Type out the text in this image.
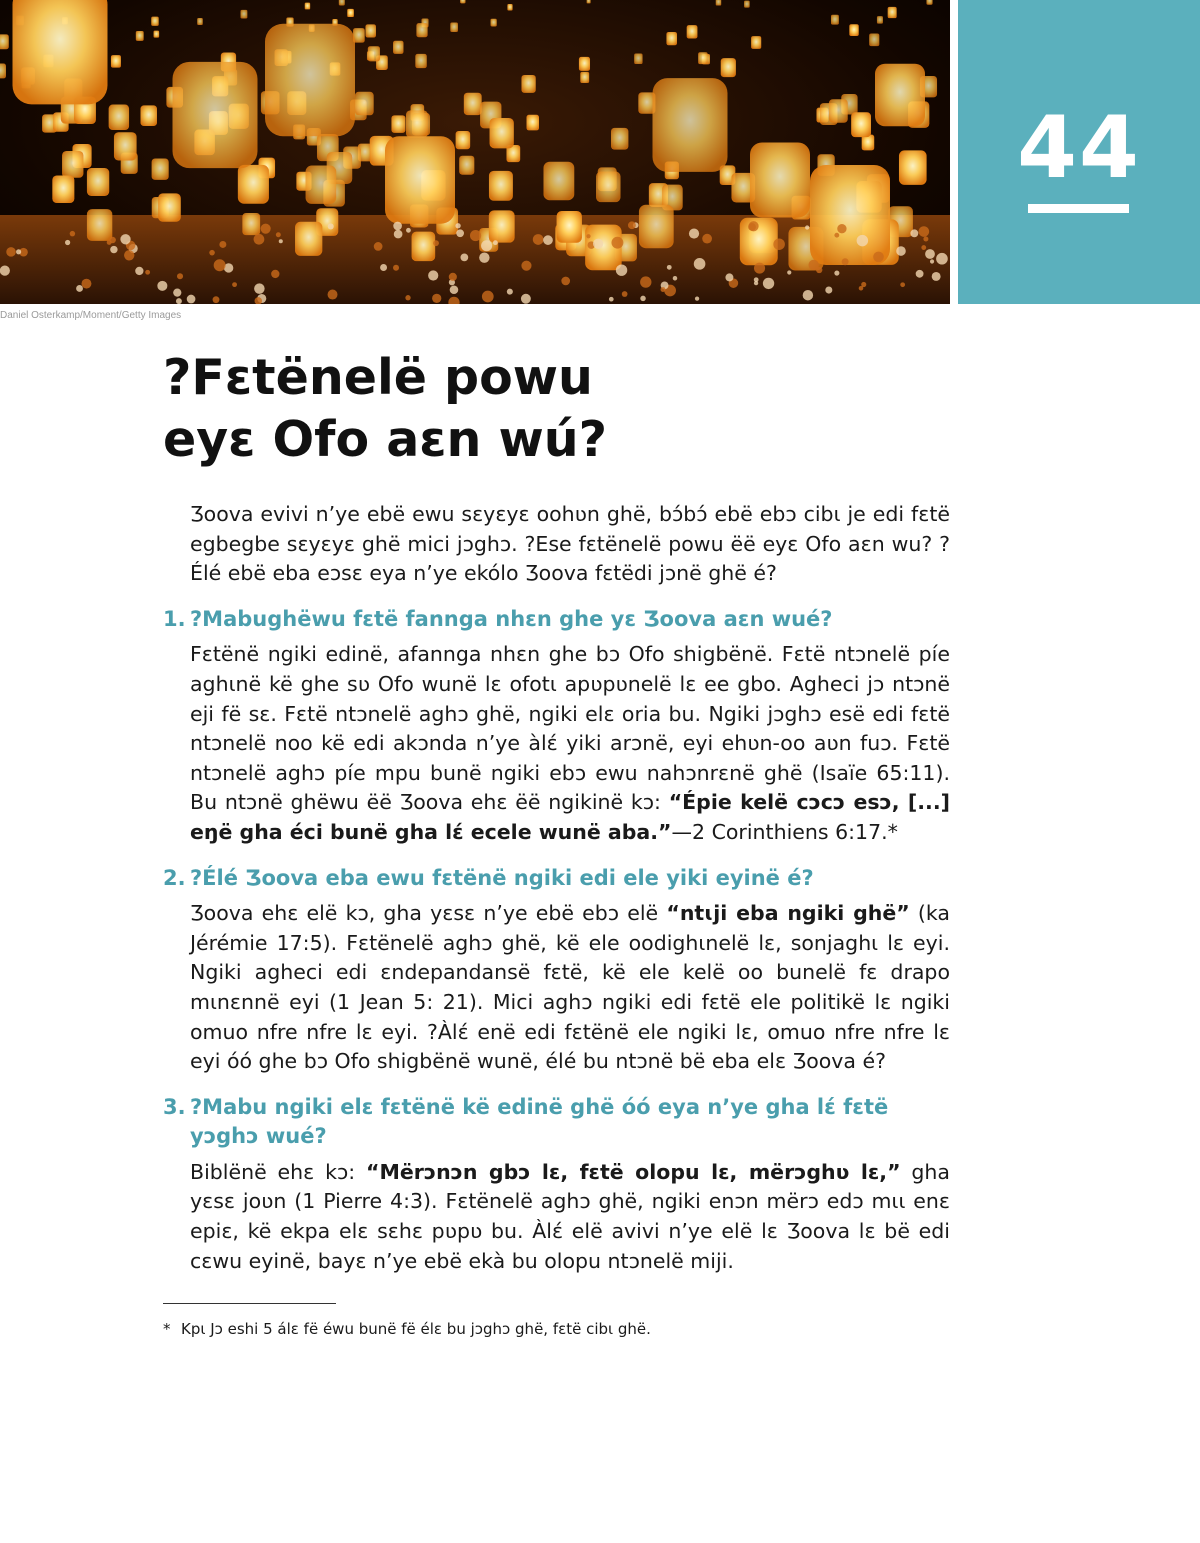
44
Daniel Osterkamp/Moment/Getty Images
?Fɛtënelë powu
eyɛ Ofo aɛn wú?

Ʒoova evivi n’ye ebë ewu sɛyɛyɛ oohʋn ghë, bɔ́bɔ́ ebë ebɔ cibɩ je edi fɛtë egbegbe sɛyɛyɛ ghë mici jɔghɔ. ?Ese fɛtënelë powu ëë eyɛ Ofo aɛn wu? ?Élé ebë eba eɔsɛ eya n’ye ekólo Ʒoova fɛtëdi jɔnë ghë é?

1. ?Mabughëwu fɛtë fannga nhɛn ghe yɛ Ʒoova aɛn wué?

Fɛtënë ngiki edinë, afannga nhɛn ghe bɔ Ofo shigbënë. Fɛtë ntɔnelë píe aghɩnë kë ghe sʋ Ofo wunë lɛ ofotɩ apʋpʋnelë lɛ ee gbo. Agheci jɔ ntɔnë eji fë sɛ. Fɛtë ntɔnelë aghɔ ghë, ngiki elɛ oria bu. Ngiki jɔghɔ esë edi fɛtë ntɔnelë noo kë edi akɔnda n’ye àlɛ́ yiki arɔnë, eyi ehʋn-oo aʋn fuɔ. Fɛtë ntɔnelë aghɔ píe mpu bunë ngiki ebɔ ewu nahɔnrɛnë ghë (Isaïe 65:11). Bu ntɔnë ghëwu ëë Ʒoova ehɛ ëë ngikinë kɔ: “Épie kelë cɔcɔ esɔ, [...] eŋë gha éci bunë gha lɛ́ ecele wunë aba.”—2 Corinthiens 6:17.*

2. ?Élé Ʒoova eba ewu fɛtënë ngiki edi ele yiki eyinë é?

Ʒoova ehɛ elë kɔ, gha yɛsɛ n’ye ebë ebɔ elë “ntɩji eba ngiki ghë” (ka Jérémie 17:5). Fɛtënelë aghɔ ghë, kë ele oodighɩnelë lɛ, sonjaghɩ lɛ eyi. Ngiki agheci edi ɛndepandansë fɛtë, kë ele kelë oo bunelë fɛ drapo mɩnɛnnë eyi (1 Jean 5: 21). Mici aghɔ ngiki edi fɛtë ele politikë lɛ ngiki omuo nfre nfre lɛ eyi. ?Àlɛ́ enë edi fɛtënë ele ngiki lɛ, omuo nfre nfre lɛ eyi óó ghe bɔ Ofo shigbënë wunë, élé bu ntɔnë bë eba elɛ Ʒoova é?

3. ?Mabu ngiki elɛ fɛtënë kë edinë ghë óó eya n’ye gha lɛ́ fɛtë yɔghɔ wué?

Biblënë ehɛ kɔ: “Mërɔnɔn gbɔ lɛ, fɛtë olopu lɛ, mërɔghʋ lɛ,” gha yɛsɛ joʋn (1 Pierre 4:3). Fɛtënelë aghɔ ghë, ngiki enɔn mërɔ edɔ mɩɩ enɛ epiɛ, kë ekpa elɛ sɛhɛ pʋpʋ bu. Àlɛ́ elë avivi n’ye elë lɛ Ʒoova lɛ bë edi cɛwu eyinë, bayɛ n’ye ebë ekà bu olopu ntɔnelë miji.

* Kpɩ Jɔ eshi 5 álɛ fë éwu bunë fë élɛ bu jɔghɔ ghë, fɛtë cibɩ ghë.
